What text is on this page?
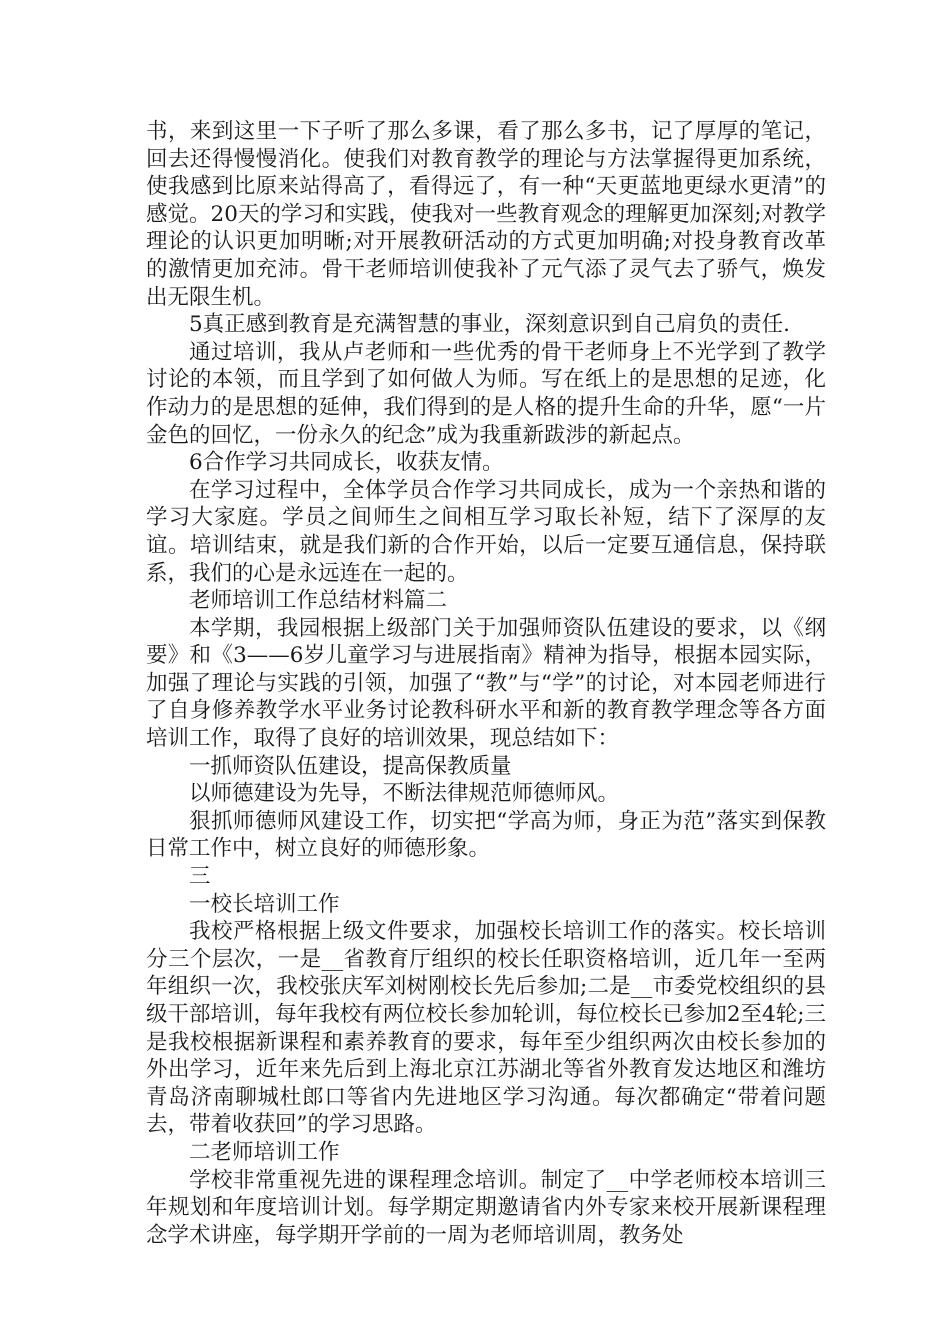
书，来到这里一下子听了那么多课，看了那么多书，记了厚厚的笔记，回去还得慢慢消化。使我们对教育教学的理论与方法掌握得更加系统，使我感到比原来站得高了，看得远了，有一种“天更蓝地更绿水更清”的感觉。20天的学习和实践，使我对一些教育观念的理解更加深刻;对教学理论的认识更加明晰;对开展教研活动的方式更加明确;对投身教育改革的激情更加充沛。骨干老师培训使我补了元气添了灵气去了骄气，焕发出无限生机。

5真正感到教育是充满智慧的事业，深刻意识到自己肩负的责任.

通过培训，我从卢老师和一些优秀的骨干老师身上不光学到了教学讨论的本领，而且学到了如何做人为师。写在纸上的是思想的足迹，化作动力的是思想的延伸，我们得到的是人格的提升生命的升华，愿“一片金色的回忆，一份永久的纪念”成为我重新跋涉的新起点。

6合作学习共同成长，收获友情。

在学习过程中，全体学员合作学习共同成长，成为一个亲热和谐的学习大家庭。学员之间师生之间相互学习取长补短，结下了深厚的友谊。培训结束，就是我们新的合作开始，以后一定要互通信息，保持联系，我们的心是永远连在一起的。

老师培训工作总结材料篇二

本学期，我园根据上级部门关于加强师资队伍建设的要求，以《纲要》和《3——6岁儿童学习与进展指南》精神为指导，根据本园实际，加强了理论与实践的引领，加强了“教”与“学”的讨论，对本园老师进行了自身修养教学水平业务讨论教科研水平和新的教育教学理念等各方面培训工作，取得了良好的培训效果，现总结如下：

一抓师资队伍建设，提高保教质量

以师德建设为先导，不断法律规范师德师风。

狠抓师德师风建设工作，切实把“学高为师，身正为范”落实到保教日常工作中，树立良好的师德形象。

三

一校长培训工作

我校严格根据上级文件要求，加强校长培训工作的落实。校长培训分三个层次，一是__省教育厅组织的校长任职资格培训，近几年一至两年组织一次，我校张庆军刘树刚校长先后参加;二是__市委党校组织的县级干部培训，每年我校有两位校长参加轮训，每位校长已参加2至4轮;三是我校根据新课程和素养教育的要求，每年至少组织两次由校长参加的外出学习，近年来先后到上海北京江苏湖北等省外教育发达地区和潍坊青岛济南聊城杜郎口等省内先进地区学习沟通。每次都确定“带着问题去，带着收获回”的学习思路。

二老师培训工作

学校非常重视先进的课程理念培训。制定了__中学老师校本培训三年规划和年度培训计划。每学期定期邀请省内外专家来校开展新课程理念学术讲座，每学期开学前的一周为老师培训周，教务处
